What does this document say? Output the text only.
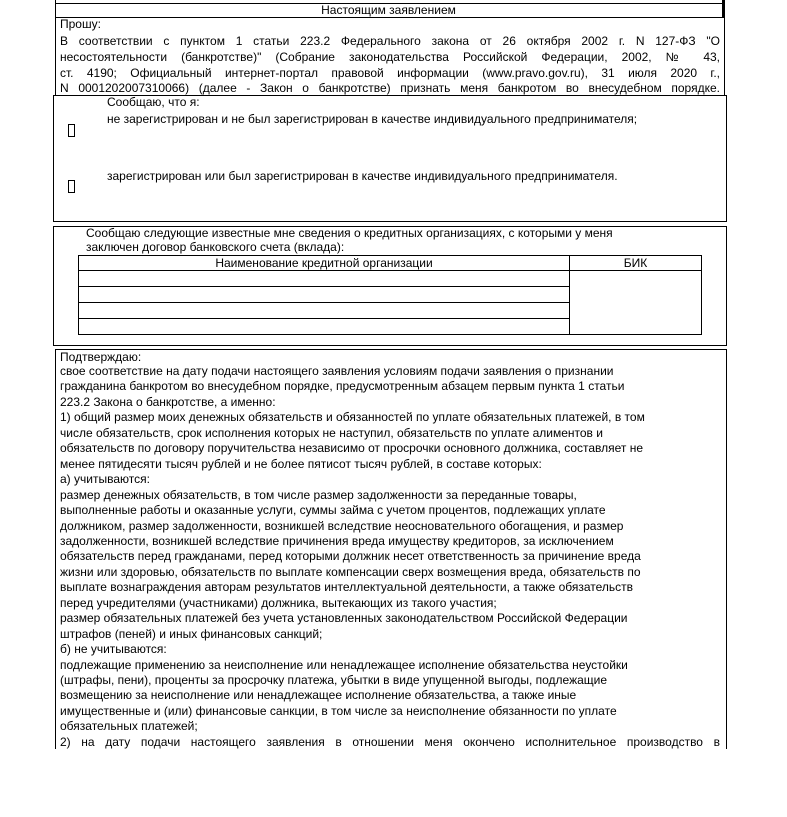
Настоящим заявлением
Прошу:
В соответствии с пунктом 1 статьи 223.2 Федерального закона от 26 октября 2002 г. N 127-ФЗ "О
несостоятельности (банкротстве)" (Собрание законодательства Российской Федерации, 2002, № 43,
ст. 4190; Официальный интернет-портал правовой информации (www.pravo.gov.ru), 31 июля 2020 г.,
N 0001202007310066) (далее - Закон о банкротстве) признать меня банкротом во внесудебном порядке.
Сообщаю, что я:
не зарегистрирован и не был зарегистрирован в качестве индивидуального предпринимателя;
зарегистрирован или был зарегистрирован в качестве индивидуального предпринимателя.
Сообщаю следующие известные мне сведения о кредитных организациях, с которыми у меня
заключен договор банковского счета (вклада):
Наименование кредитной организации	БИК

Подтверждаю:
свое соответствие на дату подачи настоящего заявления условиям подачи заявления о признании
гражданина банкротом во внесудебном порядке, предусмотренным абзацем первым пункта 1 статьи
223.2 Закона о банкротстве, а именно:
1) общий размер моих денежных обязательств и обязанностей по уплате обязательных платежей, в том
числе обязательств, срок исполнения которых не наступил, обязательств по уплате алиментов и
обязательств по договору поручительства независимо от просрочки основного должника, составляет не
менее пятидесяти тысяч рублей и не более пятисот тысяч рублей, в составе которых:
а) учитываются:
размер денежных обязательств, в том числе размер задолженности за переданные товары,
выполненные работы и оказанные услуги, суммы займа с учетом процентов, подлежащих уплате
должником, размер задолженности, возникшей вследствие неосновательного обогащения, и размер
задолженности, возникшей вследствие причинения вреда имуществу кредиторов, за исключением
обязательств перед гражданами, перед которыми должник несет ответственность за причинение вреда
жизни или здоровью, обязательств по выплате компенсации сверх возмещения вреда, обязательств по
выплате вознаграждения авторам результатов интеллектуальной деятельности, а также обязательств
перед учредителями (участниками) должника, вытекающих из такого участия;
размер обязательных платежей без учета установленных законодательством Российской Федерации
штрафов (пеней) и иных финансовых санкций;
б) не учитываются:
подлежащие применению за неисполнение или ненадлежащее исполнение обязательства неустойки
(штрафы, пени), проценты за просрочку платежа, убытки в виде упущенной выгоды, подлежащие
возмещению за неисполнение или ненадлежащее исполнение обязательства, а также иные
имущественные и (или) финансовые санкции, в том числе за неисполнение обязанности по уплате
обязательных платежей;
2) на дату подачи настоящего заявления в отношении меня окончено исполнительное производство в
